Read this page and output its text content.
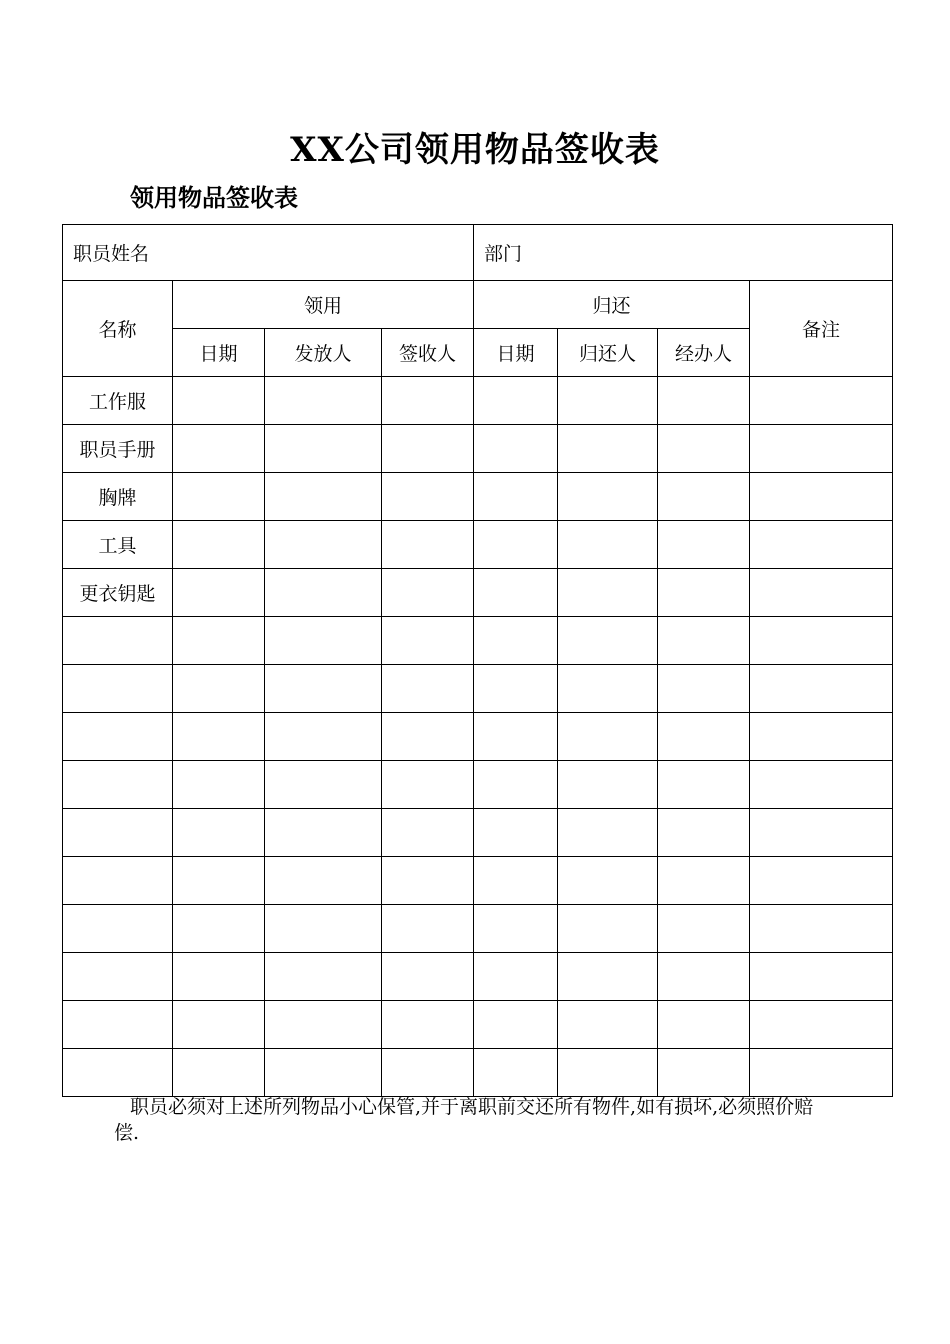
XX公司领用物品签收表
领用物品签收表
职员姓名				部门			
名称	领用			归还			备注
	日期	发放人	签收人	日期	归还人	经办人	
工作服							
职员手册							
胸牌							
工具							
更衣钥匙							

职员必须对上述所列物品小心保管,并于离职前交还所有物件,如有损坏,必须照价赔偿.
